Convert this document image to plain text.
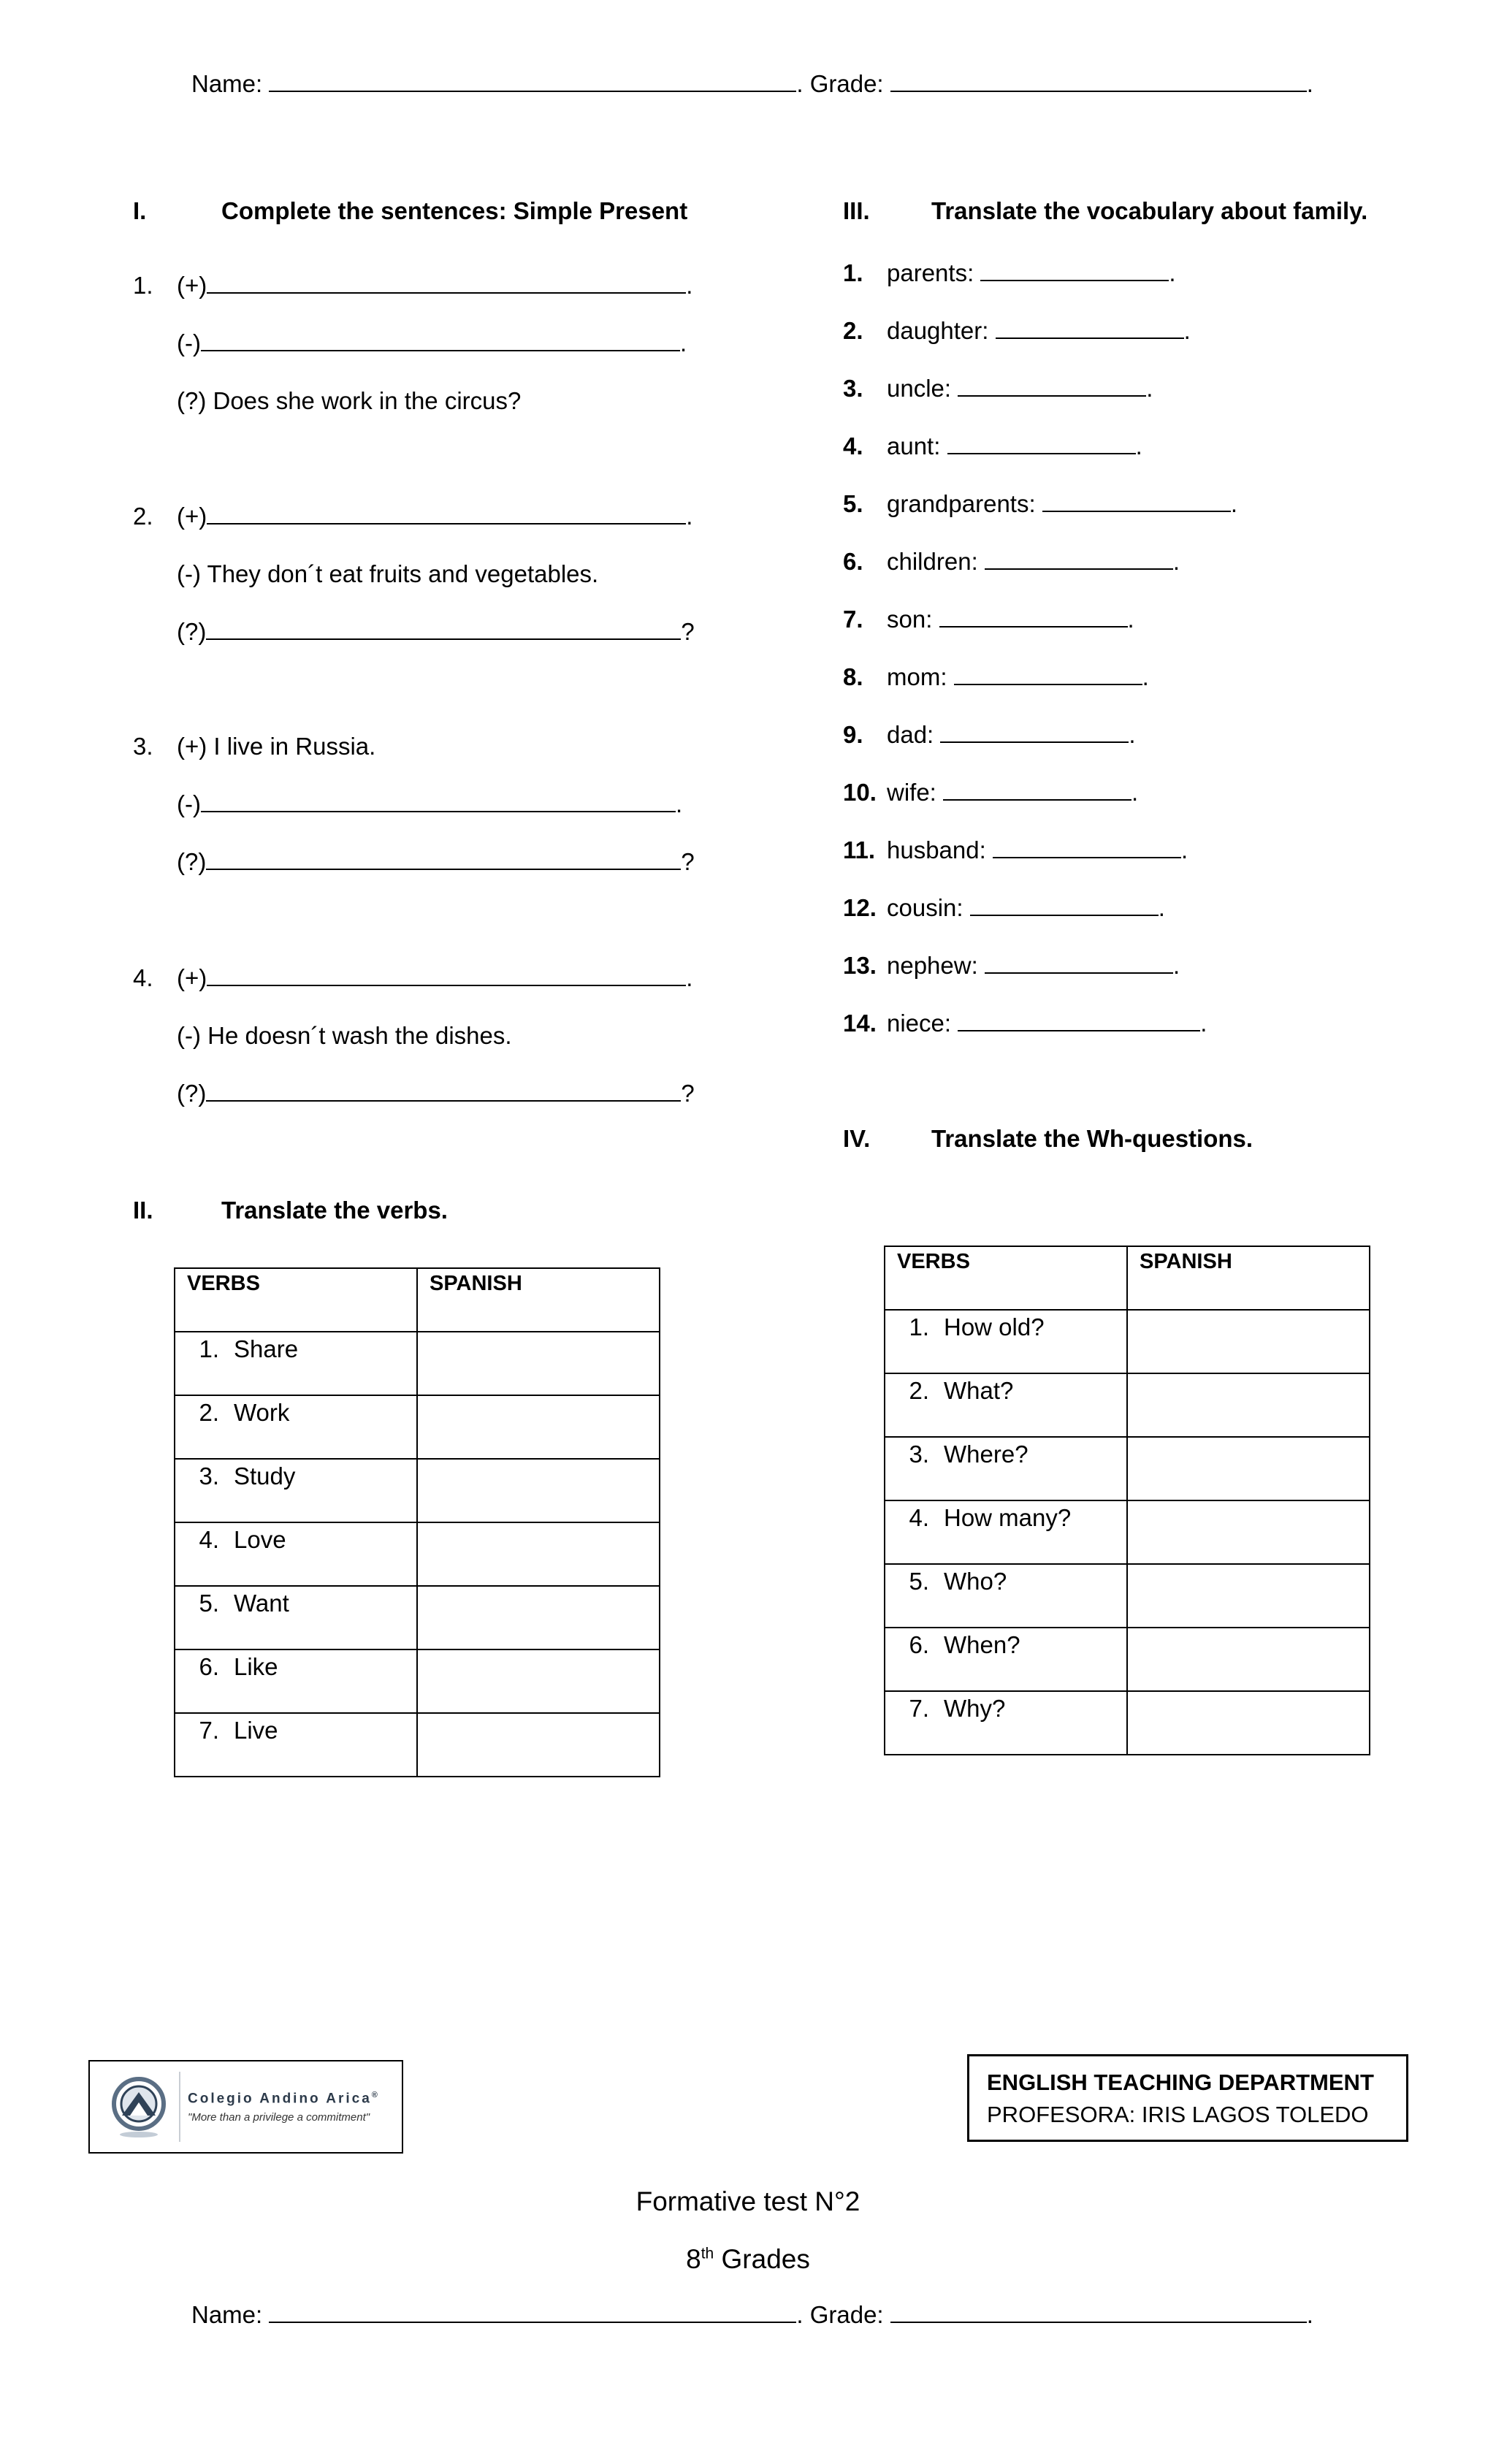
Name:	. Grade:	.
I.	Complete the sentences: Simple Present
1. (+)	.
(-)	.
(?) Does she work in the circus?
2. (+)	.
(-) They don´t eat fruits and vegetables.
(?)	?
3. (+) I live in Russia.
(-)	.
(?)	?
4. (+)	.
(-) He doesn´t wash the dishes.
(?)	?
II.	Translate the verbs.
VERBS	SPANISH

1. Share	

2. Work	

3. Study	

4. Love	

5. Want	

6. Like	

7. Live	

III.	Translate the vocabulary about family.
1. parents:	.
2. daughter:	.
3. uncle:	.
4. aunt:	.
5. grandparents:	.
6. children:	.
7. son:	.
8. mom:	.
9. dad:	.
10. wife:	.
11. husband:	.
12. cousin:	.
13. nephew:	.
14. niece:	.
IV.	Translate the Wh-questions.
VERBS	SPANISH

1. How old?	

2. What?	

3. Where?	

4. How many?	

5. Who?	

6. When?	

7. Why?	

Colegio Andino Arica®
"More than a privilege a commitment"
ENGLISH TEACHING DEPARTMENT
PROFESORA: IRIS LAGOS TOLEDO
Formative test N°2
8th Grades
Name:	. Grade:	.
